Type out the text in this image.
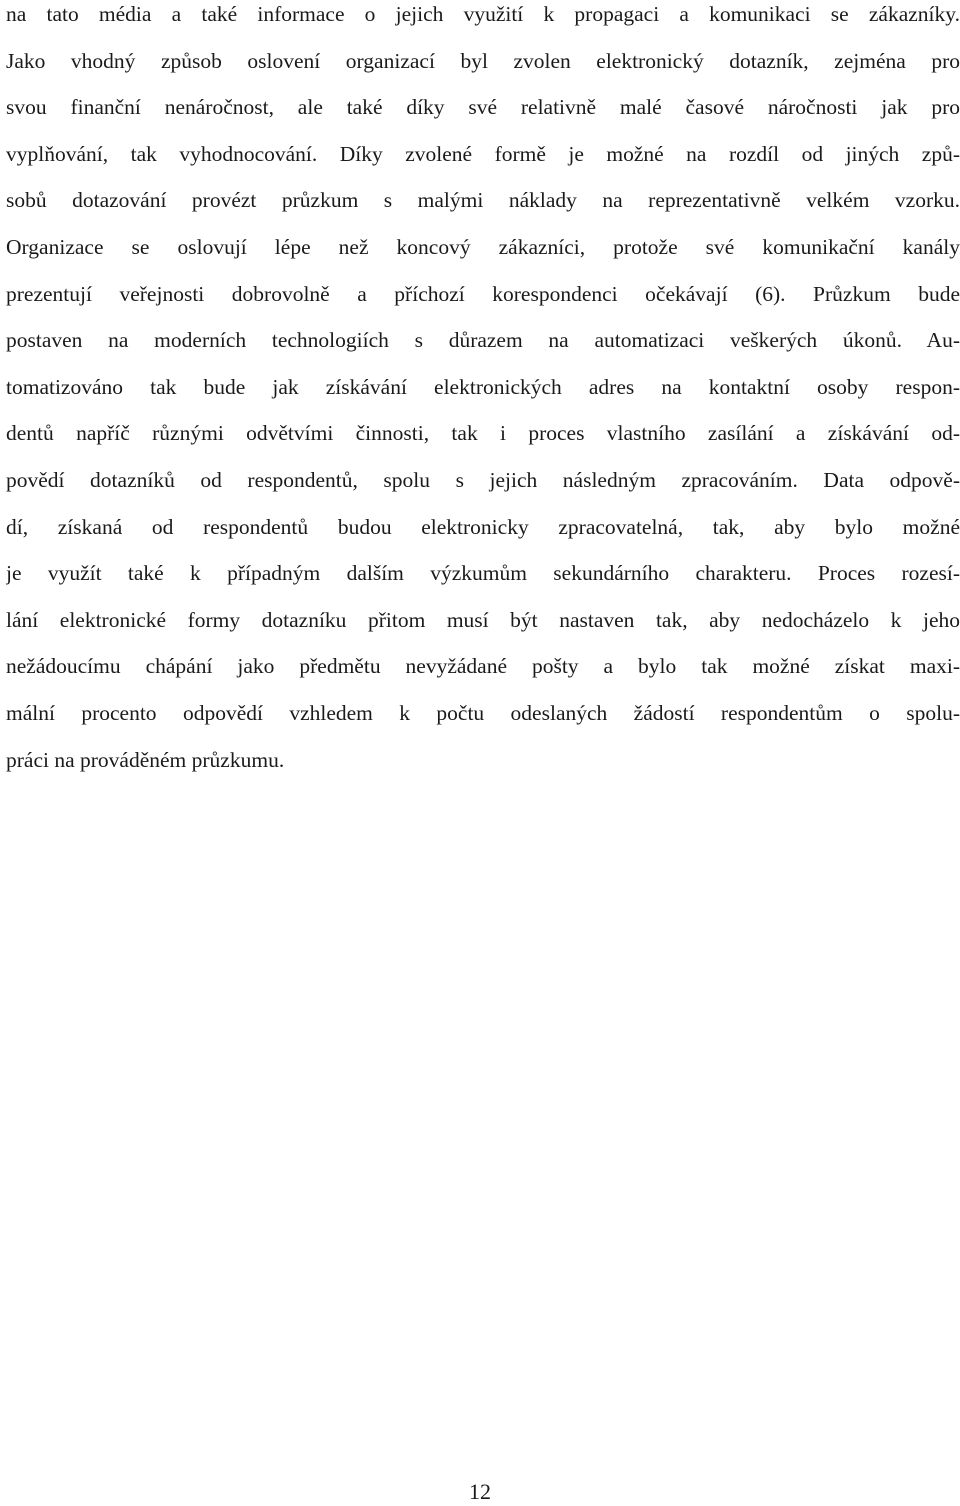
na tato média a také informace o jejich využití k propagaci a komunikaci se zákazníky.
Jako vhodný způsob oslovení organizací byl zvolen elektronický dotazník, zejména pro
svou finanční nenáročnost, ale také díky své relativně malé časové náročnosti jak pro
vyplňování, tak vyhodnocování. Díky zvolené formě je možné na rozdíl od jiných způ-
sobů dotazování provézt průzkum s malými náklady na reprezentativně velkém vzorku.
Organizace se oslovují lépe než koncový zákazníci, protože své komunikační kanály
prezentují veřejnosti dobrovolně a příchozí korespondenci očekávají (6). Průzkum bude
postaven na moderních technologiích s důrazem na automatizaci veškerých úkonů. Au-
tomatizováno tak bude jak získávání elektronických adres na kontaktní osoby respon-
dentů napříč různými odvětvími činnosti, tak i proces vlastního zasílání a získávání od-
povědí dotazníků od respondentů, spolu s jejich následným zpracováním. Data odpově-
dí, získaná od respondentů budou elektronicky zpracovatelná, tak, aby bylo možné
je využít také k případným dalším výzkumům sekundárního charakteru. Proces rozesí-
lání elektronické formy dotazníku přitom musí být nastaven tak, aby nedocházelo k jeho
nežádoucímu chápání jako předmětu nevyžádané pošty a bylo tak možné získat maxi-
mální procento odpovědí vzhledem k počtu odeslaných žádostí respondentům o spolu-
práci na prováděném průzkumu.
12
